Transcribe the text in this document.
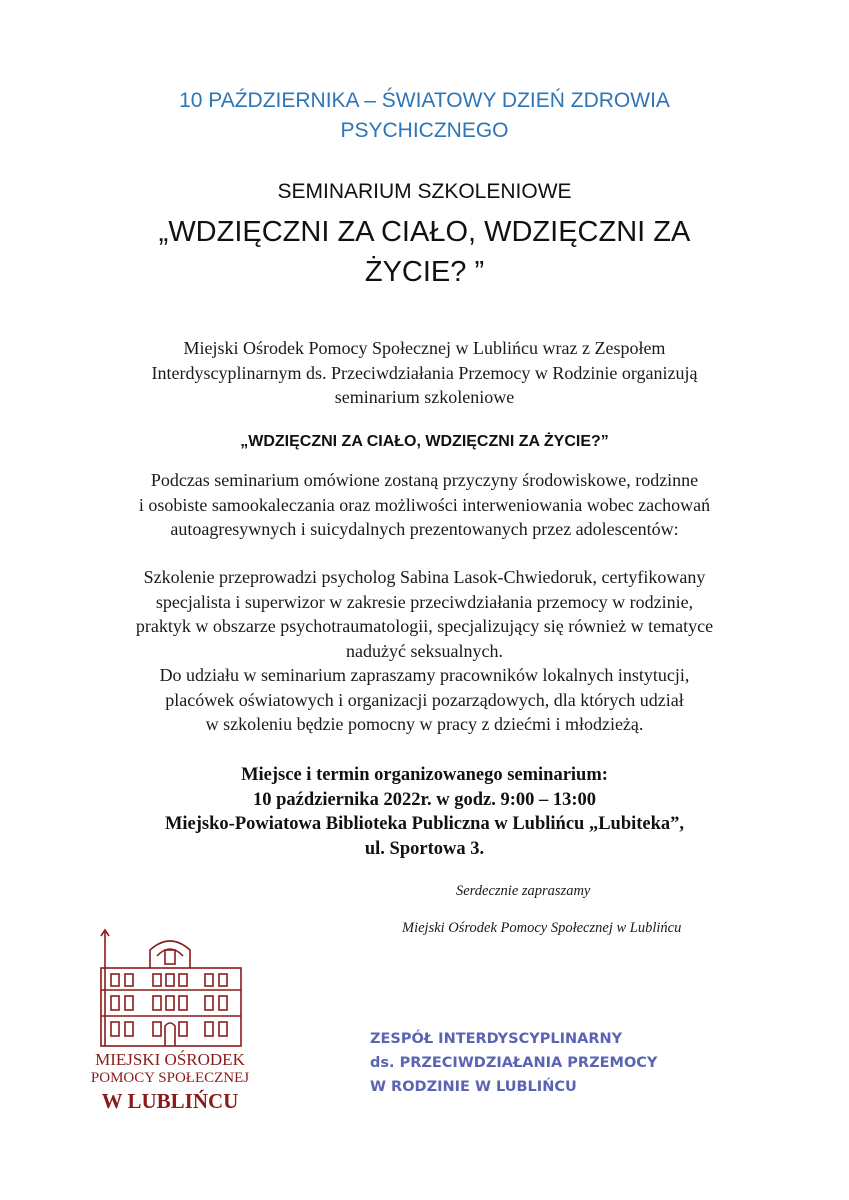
10 PAŹDZIERNIKA – ŚWIATOWY DZIEŃ ZDROWIA
PSYCHICZNEGO
SEMINARIUM SZKOLENIOWE
„WDZIĘCZNI ZA CIAŁO, WDZIĘCZNI ZA
ŻYCIE? ”
Miejski Ośrodek Pomocy Społecznej w Lublińcu wraz z Zespołem
Interdyscyplinarnym ds. Przeciwdziałania Przemocy w Rodzinie organizują
seminarium szkoleniowe
„WDZIĘCZNI ZA CIAŁO, WDZIĘCZNI ZA ŻYCIE?”
Podczas seminarium omówione zostaną przyczyny środowiskowe, rodzinne
i osobiste samookaleczania oraz możliwości interweniowania wobec zachowań
autoagresywnych i suicydalnych prezentowanych przez adolescentów:
Szkolenie przeprowadzi psycholog Sabina Lasok-Chwiedoruk, certyfikowany
specjalista i superwizor w zakresie przeciwdziałania przemocy w rodzinie,
praktyk w obszarze psychotraumatologii, specjalizujący się również w tematyce
nadużyć seksualnych.
Do udziału w seminarium zapraszamy pracowników lokalnych instytucji,
placówek oświatowych i organizacji pozarządowych, dla których udział
w szkoleniu będzie pomocny w pracy z dziećmi i młodzieżą.
Miejsce i termin organizowanego seminarium:
10 października 2022r. w godz. 9:00 – 13:00
Miejsko-Powiatowa Biblioteka Publiczna w Lublińcu „Lubiteka”,
ul. Sportowa 3.
Serdecznie zapraszamy
Miejski Ośrodek Pomocy Społecznej w Lublińcu
MIEJSKI OŚRODEK
POMOCY SPOŁECZNEJ
W LUBLIŃCU
ZESPÓŁ INTERDYSCYPLINARNY
ds. PRZECIWDZIAŁANIA PRZEMOCY
W RODZINIE W LUBLIŃCU
